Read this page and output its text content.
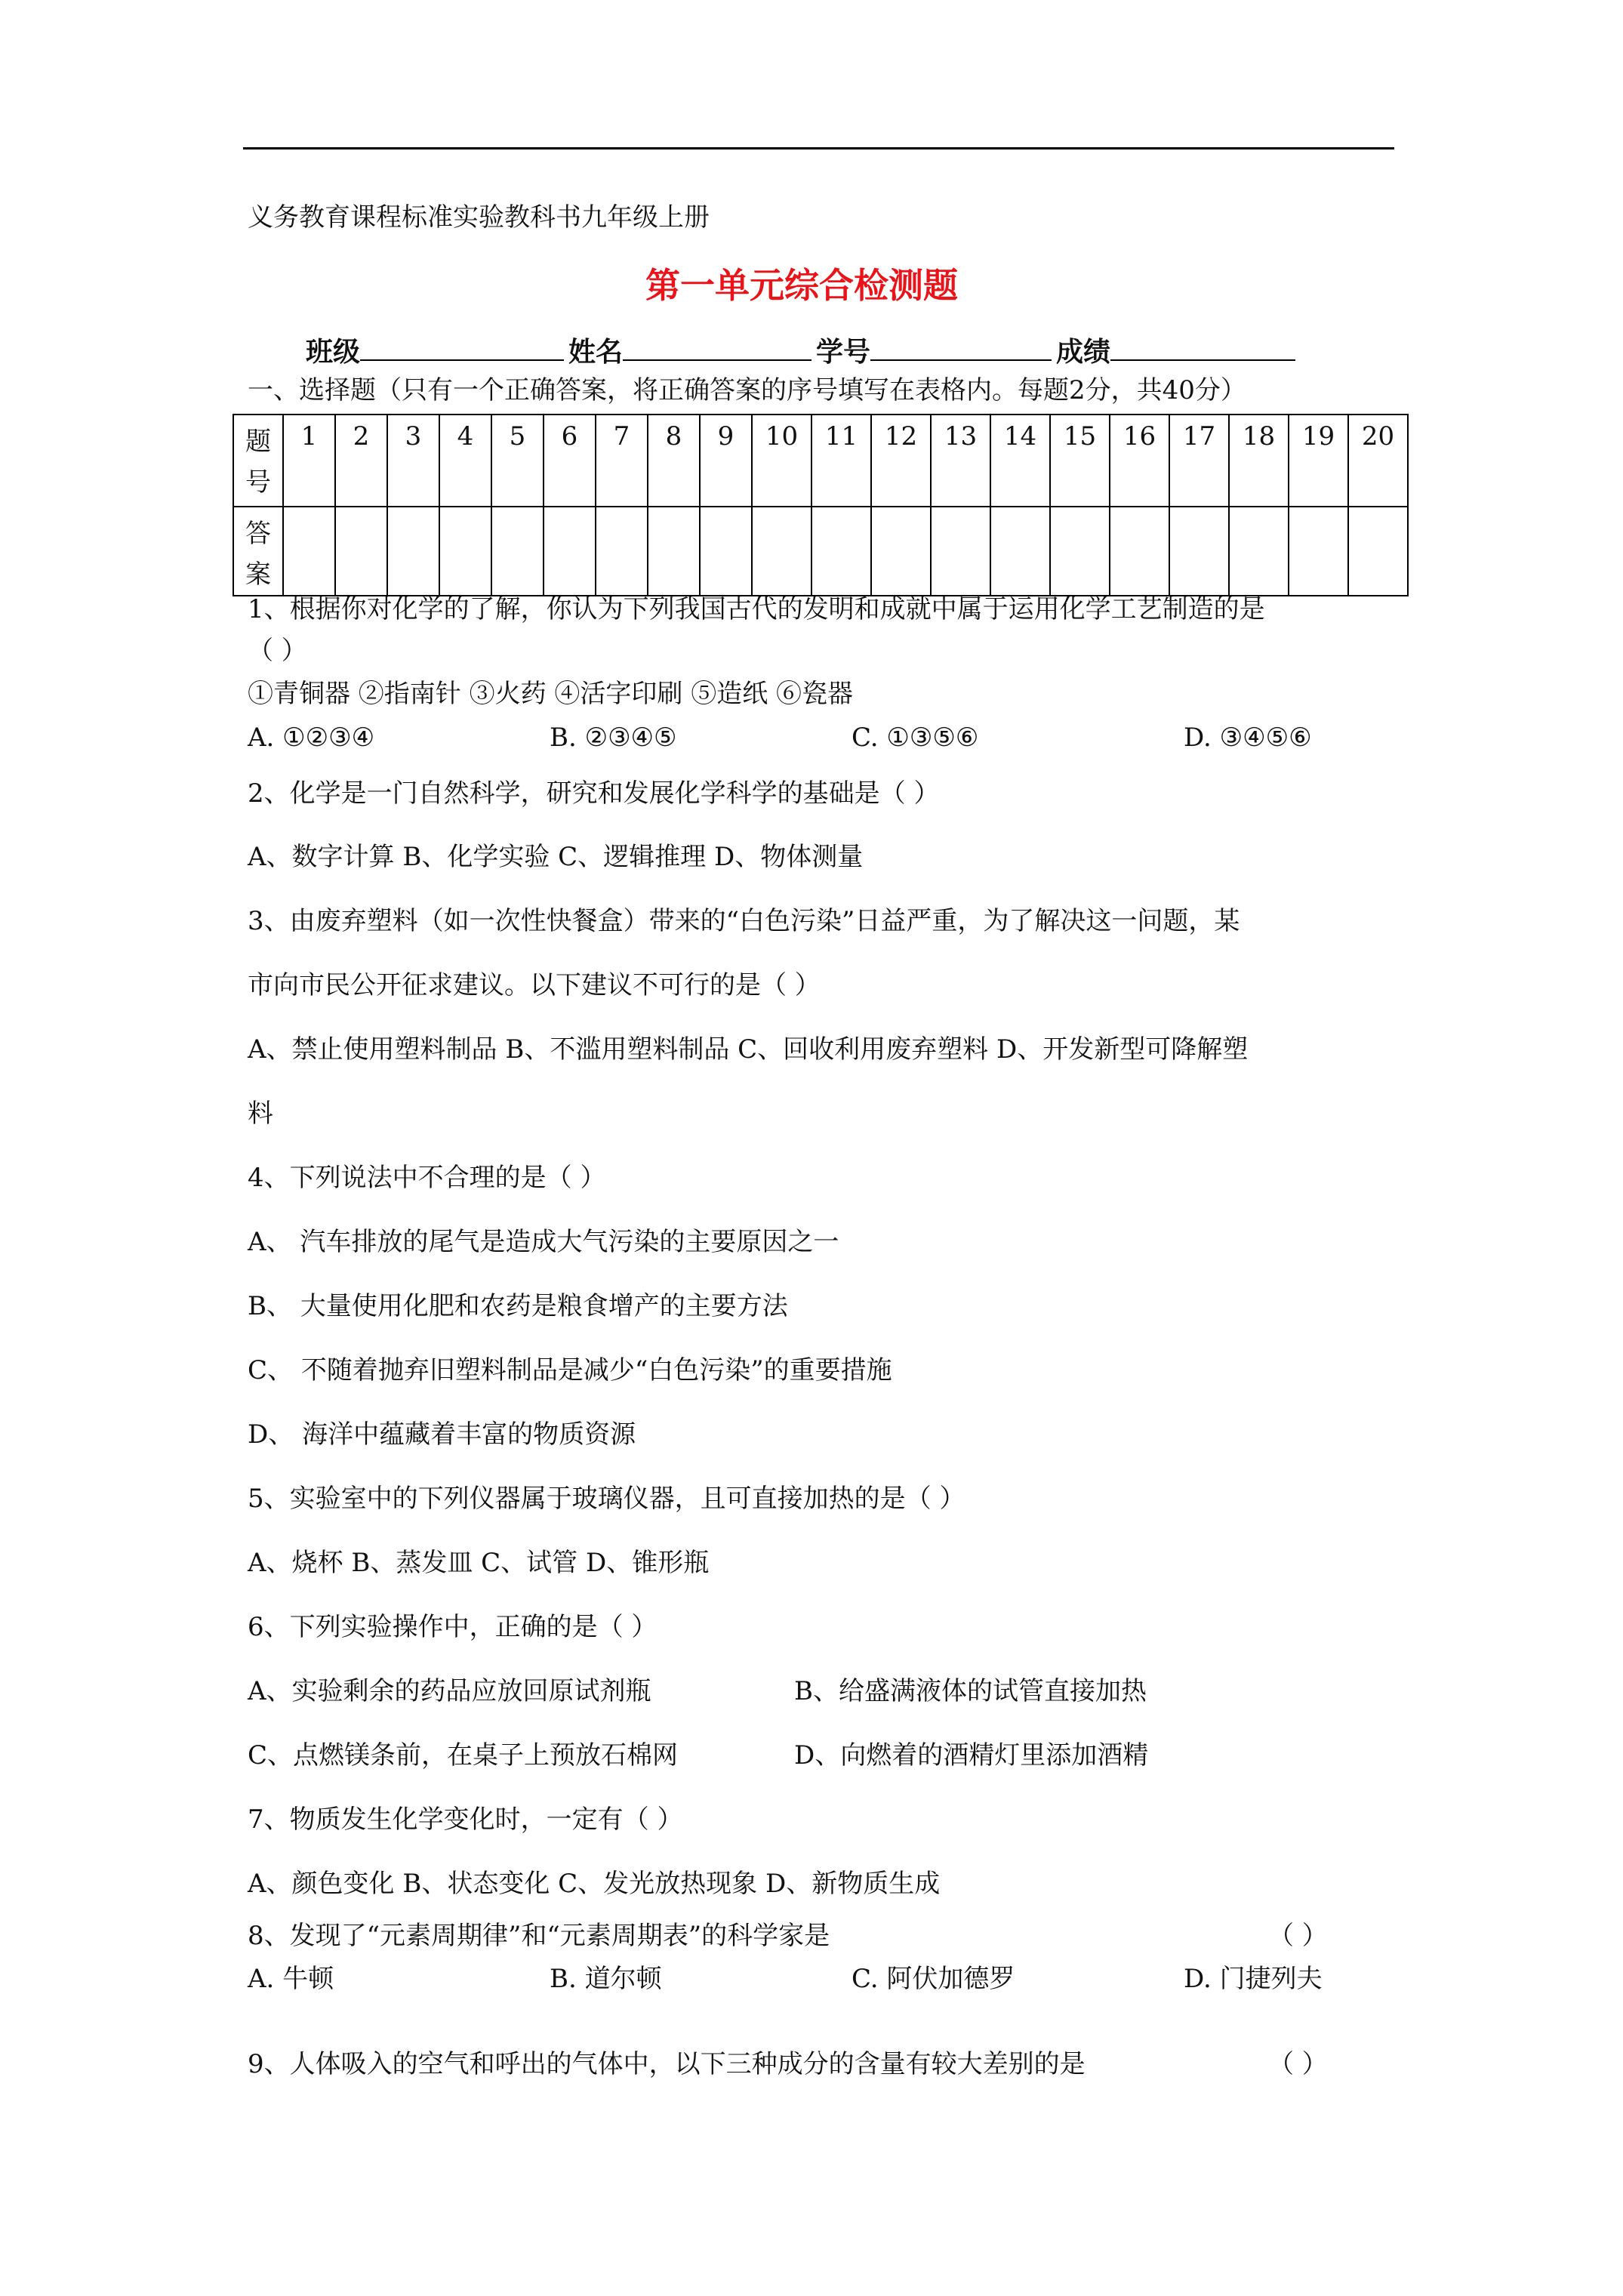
义务教育课程标准实验教科书九年级上册
第一单元综合检测题
班级	姓名	学号	成绩
一、选择题（只有一个正确答案，将正确答案的序号填写在表格内。每题2分，共40分）
题
号	1	2	3	4	5	6	7	8	9	10	11	12	13	14	15	16	17	18	19	20

答
案																				

1、根据你对化学的了解，你认为下列我国古代的发明和成就中属于运用化学工艺制造的是
（ ）
①青铜器 ②指南针 ③火药 ④活字印刷 ⑤造纸 ⑥瓷器
A. ①②③④	B. ②③④⑤	C. ①③⑤⑥	D. ③④⑤⑥
2、化学是一门自然科学，研究和发展化学科学的基础是（ ）
A、数字计算 B、化学实验 C、逻辑推理 D、物体测量
3、由废弃塑料（如一次性快餐盒）带来的“白色污染”日益严重，为了解决这一问题，某
市向市民公开征求建议。以下建议不可行的是（ ）
A、禁止使用塑料制品 B、不滥用塑料制品 C、回收利用废弃塑料 D、开发新型可降解塑
料
4、下列说法中不合理的是（ ）
A、 汽车排放的尾气是造成大气污染的主要原因之一
B、 大量使用化肥和农药是粮食增产的主要方法
C、 不随着抛弃旧塑料制品是减少“白色污染”的重要措施
D、 海洋中蕴藏着丰富的物质资源
5、实验室中的下列仪器属于玻璃仪器，且可直接加热的是（ ）
A、烧杯 B、蒸发皿 C、试管 D、锥形瓶
6、下列实验操作中，正确的是（ ）
A、实验剩余的药品应放回原试剂瓶	B、给盛满液体的试管直接加热
C、点燃镁条前，在桌子上预放石棉网	D、向燃着的酒精灯里添加酒精
7、物质发生化学变化时，一定有（ ）
A、颜色变化 B、状态变化 C、发光放热现象 D、新物质生成
8、发现了“元素周期律”和“元素周期表”的科学家是	（ ）
A. 牛顿	B. 道尔顿	C. 阿伏加德罗	D. 门捷列夫
9、人体吸入的空气和呼出的气体中，以下三种成分的含量有较大差别的是	（ ）
